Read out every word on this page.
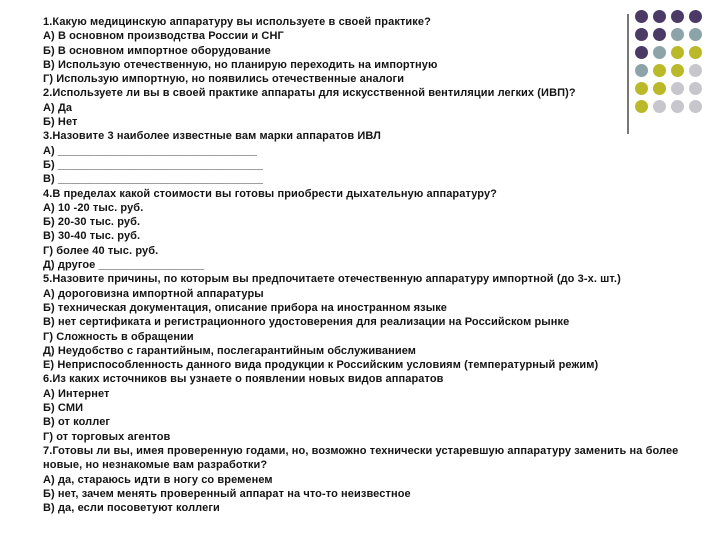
1.Какую медицинскую аппаратуру вы используете в своей практике?
А) В основном производства России и СНГ
Б) В основном импортное оборудование
В) Использую отечественную, но планирую переходить на импортную
Г) Использую импортную, но появились отечественные аналоги
2.Используете ли вы в своей практике аппараты для искусственной вентиляции легких (ИВП)?
А) Да
Б) Нет
3.Назовите 3 наиболее известные вам марки аппаратов ИВЛ
А) ________________________________
Б) _________________________________
В) _________________________________
4.В пределах какой стоимости вы готовы приобрести дыхательную аппаратуру?
А) 10 -20 тыс. руб.
Б) 20-30 тыс. руб.
В) 30-40 тыс. руб.
Г) более 40 тыс. руб.
Д) другое _________________
5.Назовите причины, по которым вы предпочитаете отечественную аппаратуру импортной (до 3-х. шт.)
А) дороговизна импортной аппаратуры
Б) техническая документация, описание прибора на иностранном языке
В) нет сертификата и регистрационного удостоверения для реализации на Российском рынке
Г) Сложность в обращении
Д) Неудобство с гарантийным, послегарантийным обслуживанием
Е) Неприспособленность данного вида продукции к Российским условиям (температурный режим)
6.Из каких источников вы узнаете о появлении новых видов аппаратов
А) Интернет
Б) СМИ
В) от коллег
Г) от торговых агентов
7.Готовы ли вы, имея проверенную годами, но, возможно технически устаревшую аппаратуру заменить на более новые, но незнакомые вам разработки?
А) да, стараюсь идти в ногу со временем
Б) нет, зачем менять проверенный аппарат на что-то неизвестное
В) да, если посоветуют коллеги
